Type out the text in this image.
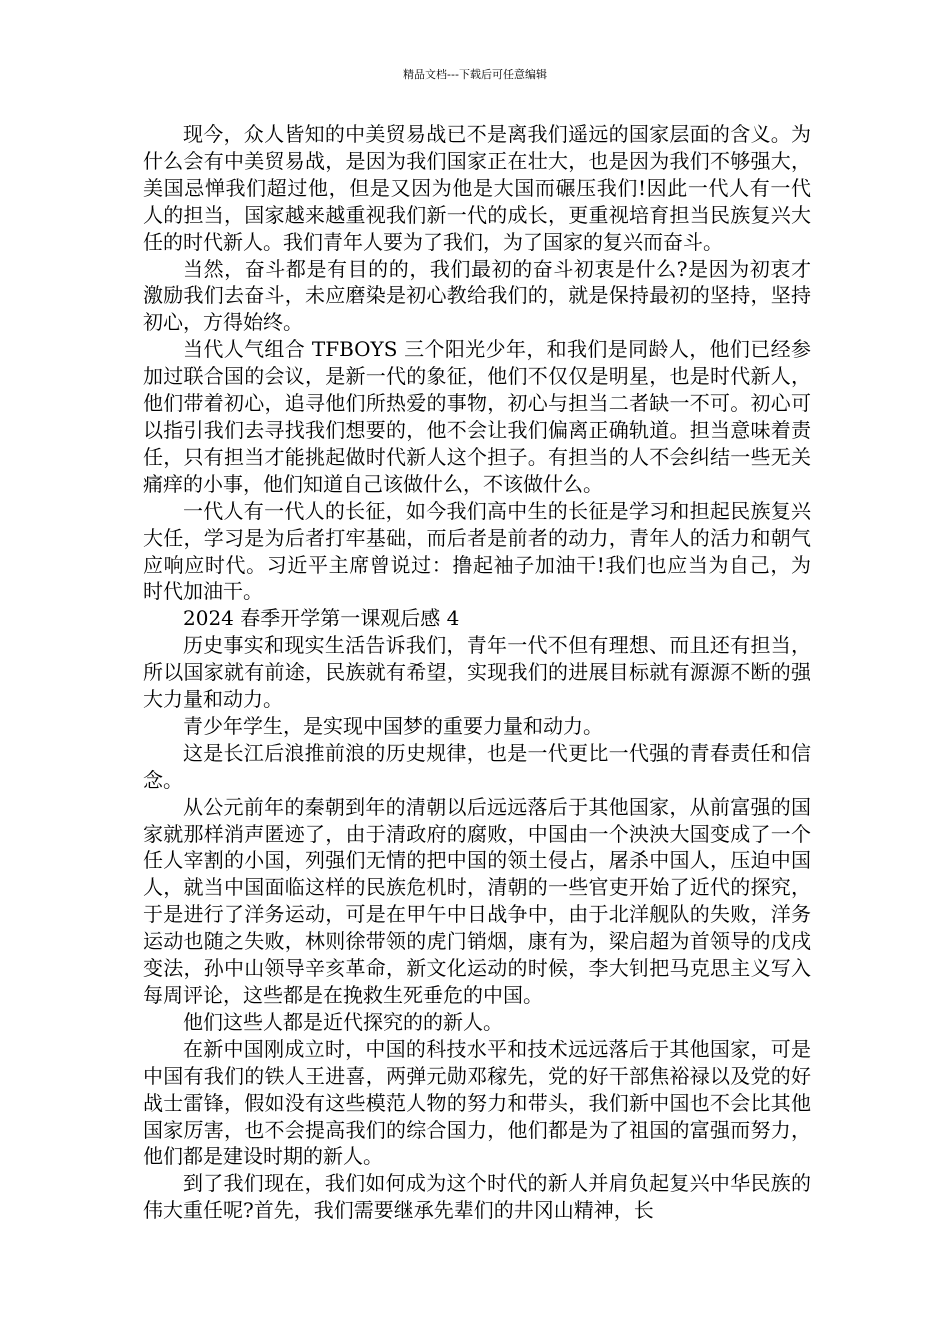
精品文档---下载后可任意编辑

现今，众人皆知的中美贸易战已不是离我们遥远的国家层面的含义。为什么会有中美贸易战，是因为我们国家正在壮大，也是因为我们不够强大，美国忌惮我们超过他，但是又因为他是大国而碾压我们!因此一代人有一代人的担当，国家越来越重视我们新一代的成长，更重视培育担当民族复兴大任的时代新人。我们青年人要为了我们，为了国家的复兴而奋斗。

当然，奋斗都是有目的的，我们最初的奋斗初衷是什么?是因为初衷才激励我们去奋斗，未应磨染是初心教给我们的，就是保持最初的坚持，坚持初心，方得始终。

当代人气组合 TFBOYS 三个阳光少年，和我们是同龄人，他们已经参加过联合国的会议，是新一代的象征，他们不仅仅是明星，也是时代新人，他们带着初心，追寻他们所热爱的事物，初心与担当二者缺一不可。初心可以指引我们去寻找我们想要的，他不会让我们偏离正确轨道。担当意味着责任，只有担当才能挑起做时代新人这个担子。有担当的人不会纠结一些无关痛痒的小事，他们知道自己该做什么，不该做什么。

一代人有一代人的长征，如今我们高中生的长征是学习和担起民族复兴大任，学习是为后者打牢基础，而后者是前者的动力，青年人的活力和朝气应响应时代。习近平主席曾说过：撸起袖子加油干!我们也应当为自己，为时代加油干。

2024 春季开学第一课观后感 4

历史事实和现实生活告诉我们，青年一代不但有理想、而且还有担当，所以国家就有前途，民族就有希望，实现我们的进展目标就有源源不断的强大力量和动力。

青少年学生，是实现中国梦的重要力量和动力。

这是长江后浪推前浪的历史规律，也是一代更比一代强的青春责任和信念。

从公元前年的秦朝到年的清朝以后远远落后于其他国家，从前富强的国家就那样消声匿迹了，由于清政府的腐败，中国由一个泱泱大国变成了一个任人宰割的小国，列强们无情的把中国的领土侵占，屠杀中国人，压迫中国人，就当中国面临这样的民族危机时，清朝的一些官吏开始了近代的探究，于是进行了洋务运动，可是在甲午中日战争中，由于北洋舰队的失败，洋务运动也随之失败，林则徐带领的虎门销烟，康有为，梁启超为首领导的戊戌变法，孙中山领导辛亥革命，新文化运动的时候，李大钊把马克思主义写入每周评论，这些都是在挽救生死垂危的中国。

他们这些人都是近代探究的的新人。

在新中国刚成立时，中国的科技水平和技术远远落后于其他国家，可是中国有我们的铁人王进喜，两弹元勋邓稼先，党的好干部焦裕禄以及党的好战士雷锋，假如没有这些模范人物的努力和带头，我们新中国也不会比其他国家厉害，也不会提高我们的综合国力，他们都是为了祖国的富强而努力，他们都是建设时期的新人。

到了我们现在，我们如何成为这个时代的新人并肩负起复兴中华民族的伟大重任呢?首先，我们需要继承先辈们的井冈山精神，长
